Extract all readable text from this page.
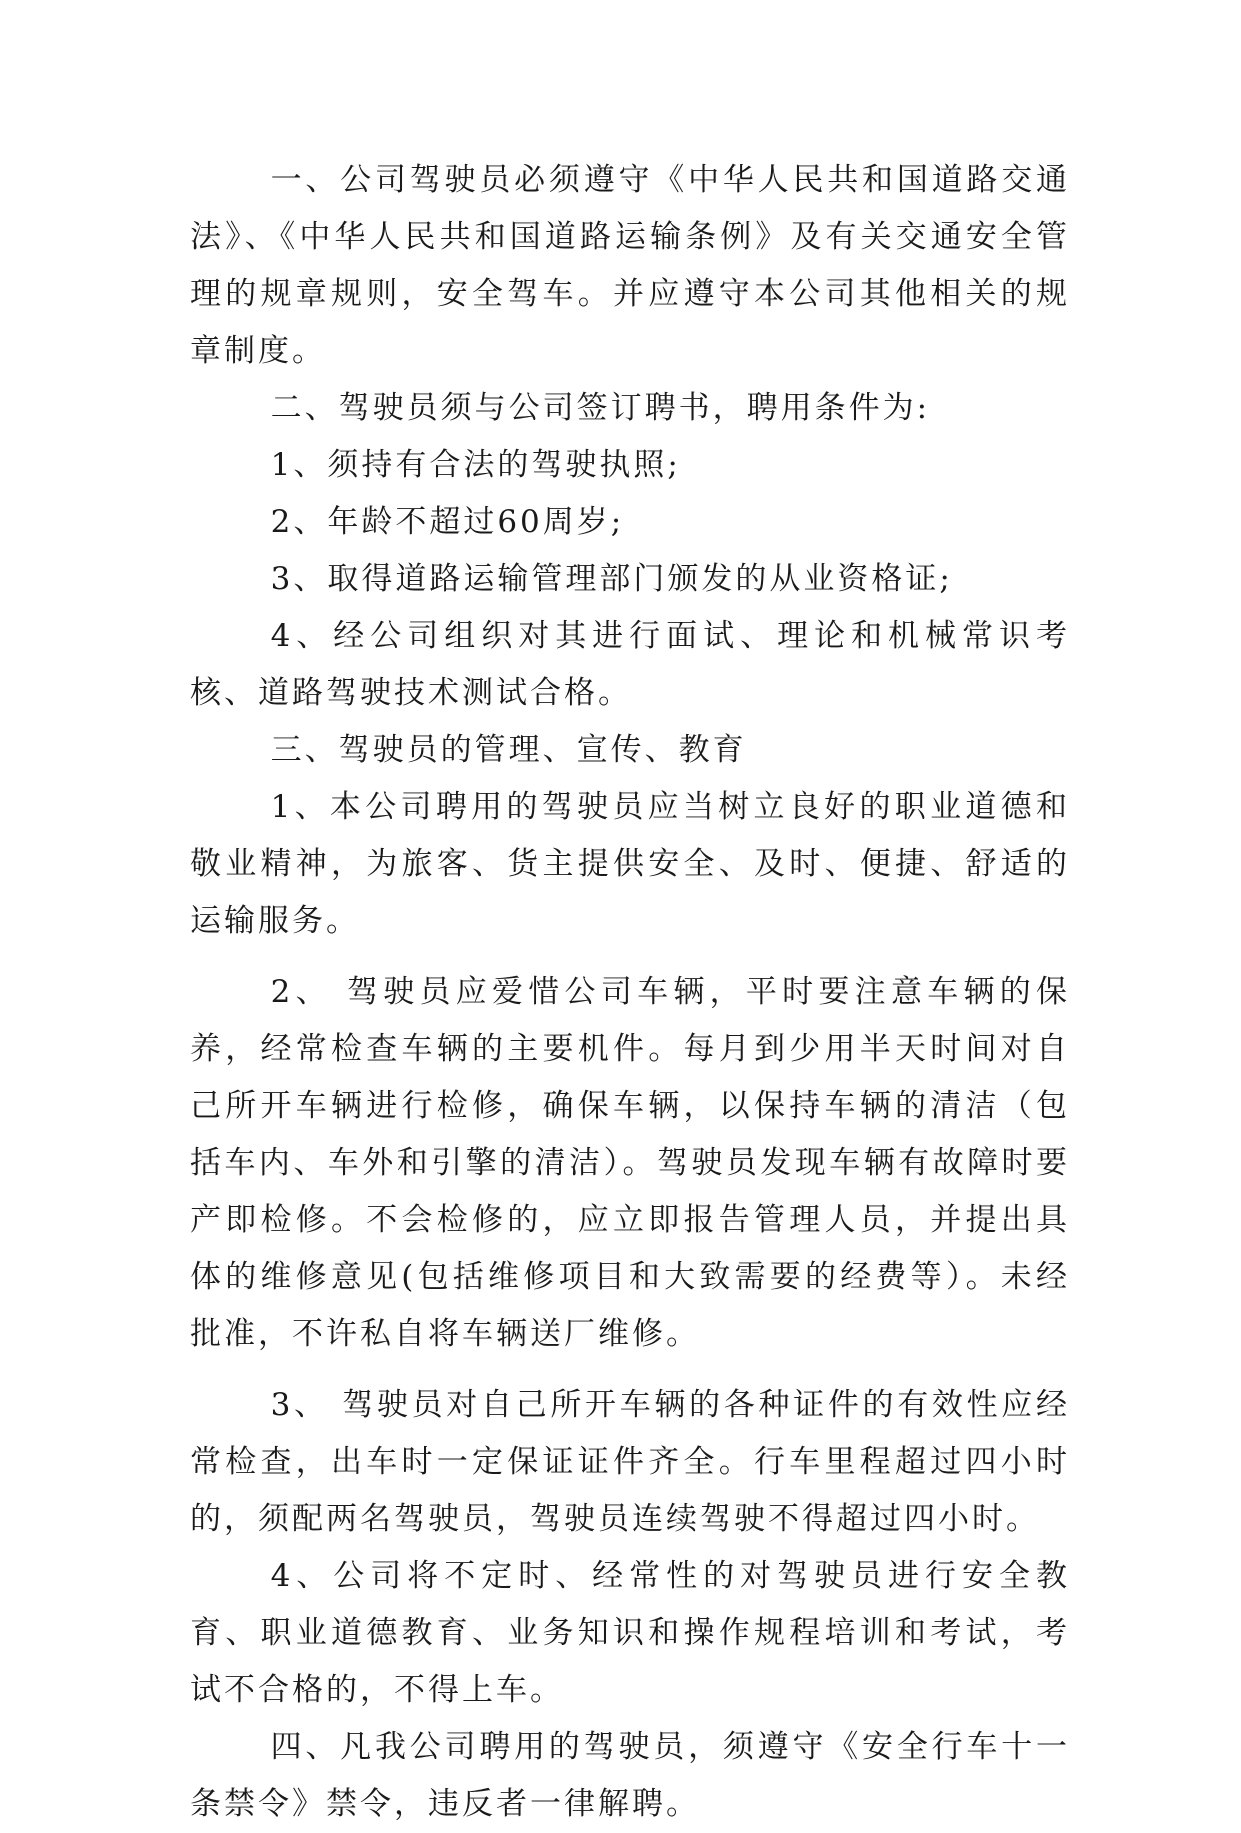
一、公司驾驶员必须遵守《中华人民共和国道路交通法》、《中华人民共和国道路运输条例》及有关交通安全管理的规章规则，安全驾车。并应遵守本公司其他相关的规章制度。

二、驾驶员须与公司签订聘书，聘用条件为:

1、须持有合法的驾驶执照;

2、年龄不超过60周岁;

3、取得道路运输管理部门颁发的从业资格证;

4、经公司组织对其进行面试、理论和机械常识考核、道路驾驶技术测试合格。

三、驾驶员的管理、宣传、教育

1、本公司聘用的驾驶员应当树立良好的职业道德和敬业精神，为旅客、货主提供安全、及时、便捷、舒适的运输服务。

2、 驾驶员应爱惜公司车辆，平时要注意车辆的保养，经常检查车辆的主要机件。每月到少用半天时间对自己所开车辆进行检修，确保车辆，以保持车辆的清洁（包括车内、车外和引擎的清洁）。驾驶员发现车辆有故障时要产即检修。不会检修的，应立即报告管理人员，并提出具体的维修意见(包括维修项目和大致需要的经费等）。未经批准，不许私自将车辆送厂维修。

3、 驾驶员对自己所开车辆的各种证件的有效性应经常检查，出车时一定保证证件齐全。行车里程超过四小时的，须配两名驾驶员，驾驶员连续驾驶不得超过四小时。

4、公司将不定时、经常性的对驾驶员进行安全教育、职业道德教育、业务知识和操作规程培训和考试，考试不合格的，不得上车。

四、凡我公司聘用的驾驶员，须遵守《安全行车十一条禁令》禁令，违反者一律解聘。
